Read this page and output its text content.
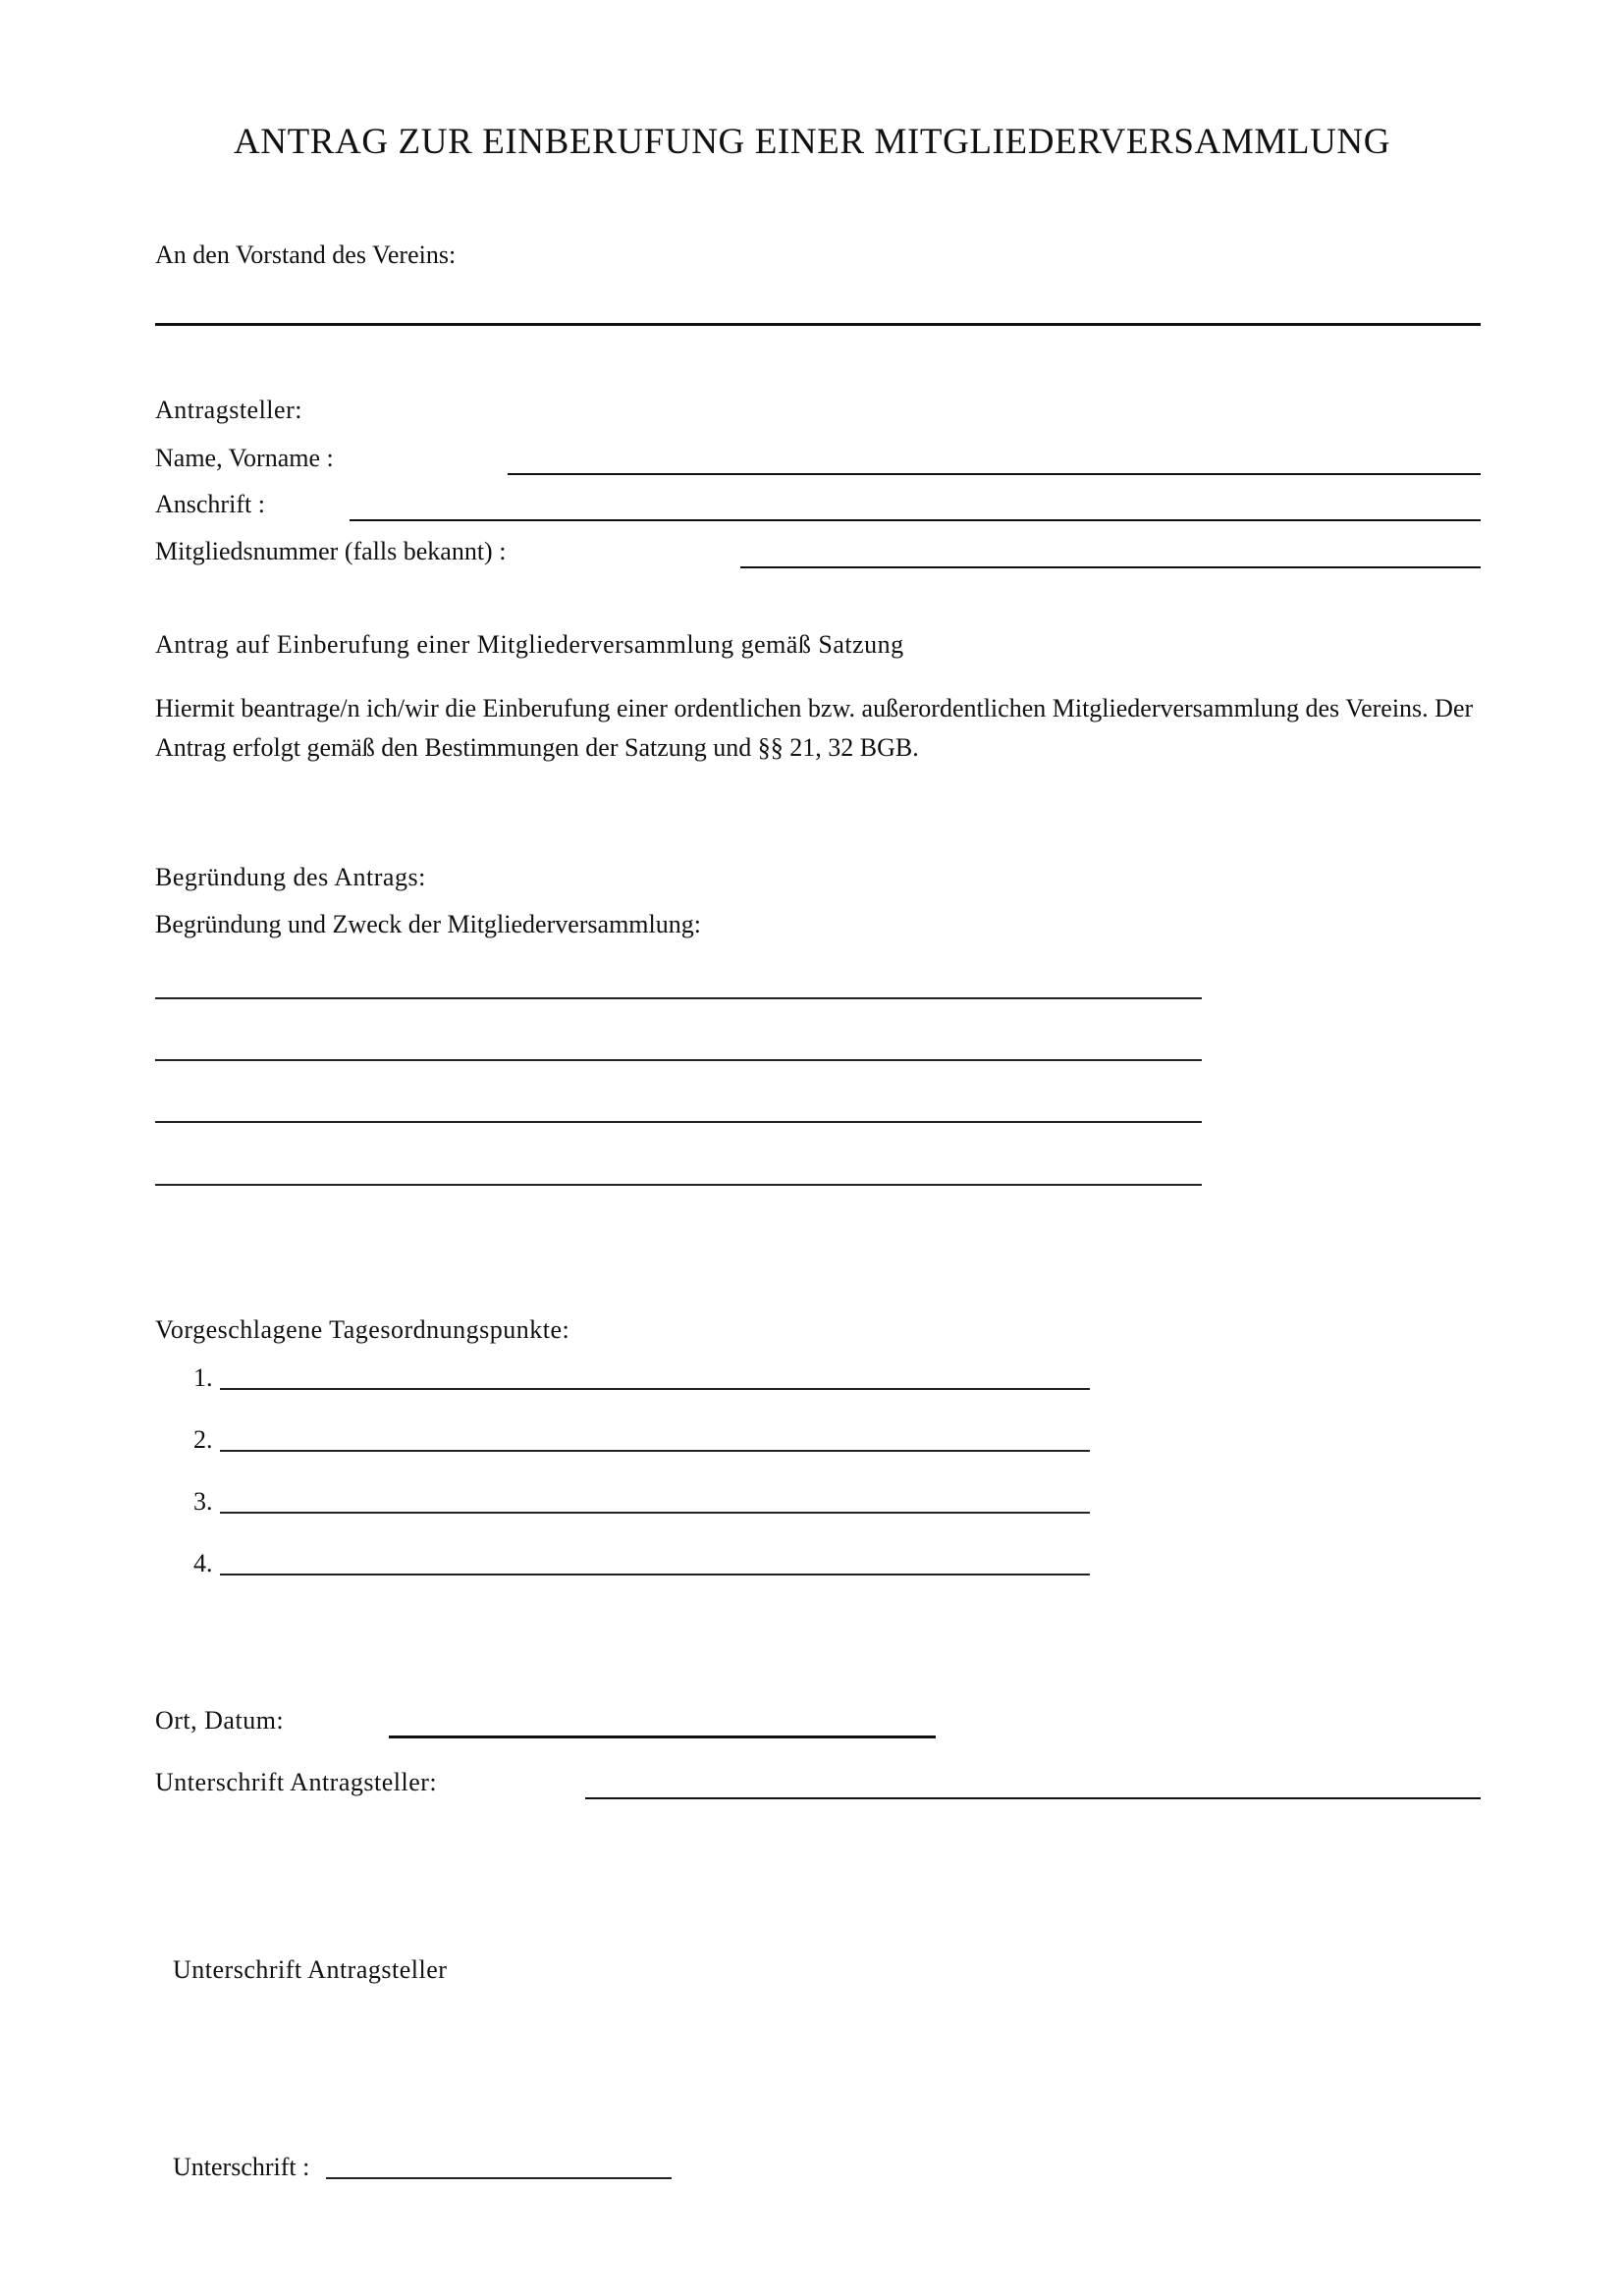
ANTRAG ZUR EINBERUFUNG EINER MITGLIEDERVERSAMMLUNG
An den Vorstand des Vereins:
Antragsteller:
Name, Vorname :
Anschrift :
Mitgliedsnummer (falls bekannt) :
Antrag auf Einberufung einer Mitgliederversammlung gemäß Satzung
Hiermit beantrage/n ich/wir die Einberufung einer ordentlichen bzw. außerordentlichen Mitgliederversammlung des Vereins. Der Antrag erfolgt gemäß den Bestimmungen der Satzung und §§ 21, 32 BGB.
Begründung des Antrags:
Begründung und Zweck der Mitgliederversammlung:
Vorgeschlagene Tagesordnungspunkte:
1.
2.
3.
4.
Ort, Datum:
Unterschrift Antragsteller:
Unterschrift Antragsteller
Unterschrift :
